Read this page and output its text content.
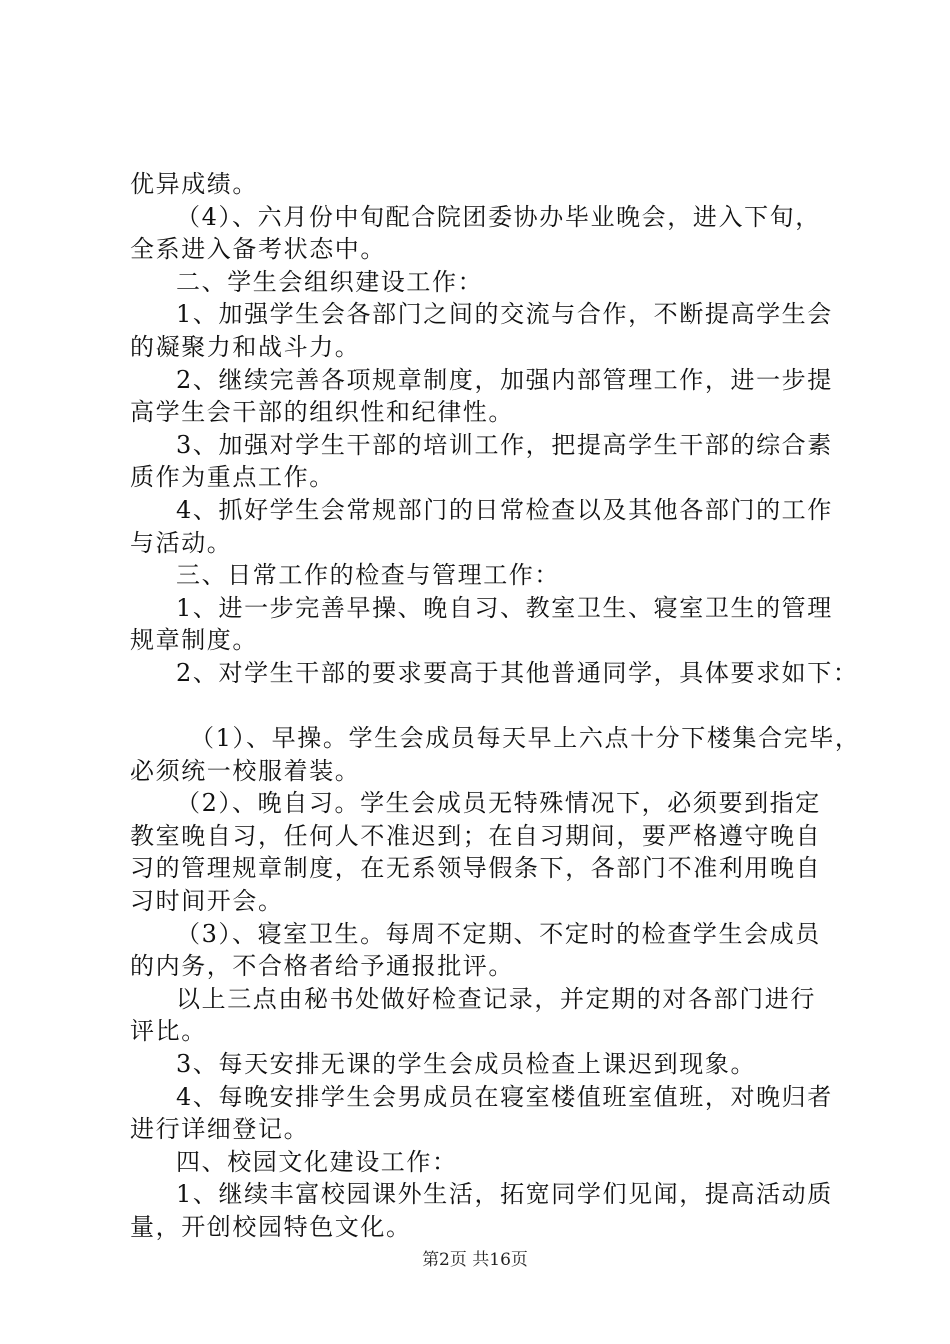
优异成绩。
（4）、六月份中旬配合院团委协办毕业晚会，进入下旬，
全系进入备考状态中。
二、学生会组织建设工作：
1、加强学生会各部门之间的交流与合作，不断提高学生会
的凝聚力和战斗力。
2、继续完善各项规章制度，加强内部管理工作，进一步提
高学生会干部的组织性和纪律性。
3、加强对学生干部的培训工作，把提高学生干部的综合素
质作为重点工作。
4、抓好学生会常规部门的日常检查以及其他各部门的工作
与活动。
三、日常工作的检查与管理工作：
1、进一步完善早操、晚自习、教室卫生、寝室卫生的管理
规章制度。
2、对学生干部的要求要高于其他普通同学，具体要求如下：
（1）、早操。学生会成员每天早上六点十分下楼集合完毕，
必须统一校服着装。
（2）、晚自习。学生会成员无特殊情况下，必须要到指定
教室晚自习，任何人不准迟到；在自习期间，要严格遵守晚自
习的管理规章制度，在无系领导假条下，各部门不准利用晚自
习时间开会。
（3）、寝室卫生。每周不定期、不定时的检查学生会成员
的内务，不合格者给予通报批评。
以上三点由秘书处做好检查记录，并定期的对各部门进行
评比。
3、每天安排无课的学生会成员检查上课迟到现象。
4、每晚安排学生会男成员在寝室楼值班室值班，对晚归者
进行详细登记。
四、校园文化建设工作：
1、继续丰富校园课外生活，拓宽同学们见闻，提高活动质
量，开创校园特色文化。
第2页 共16页
